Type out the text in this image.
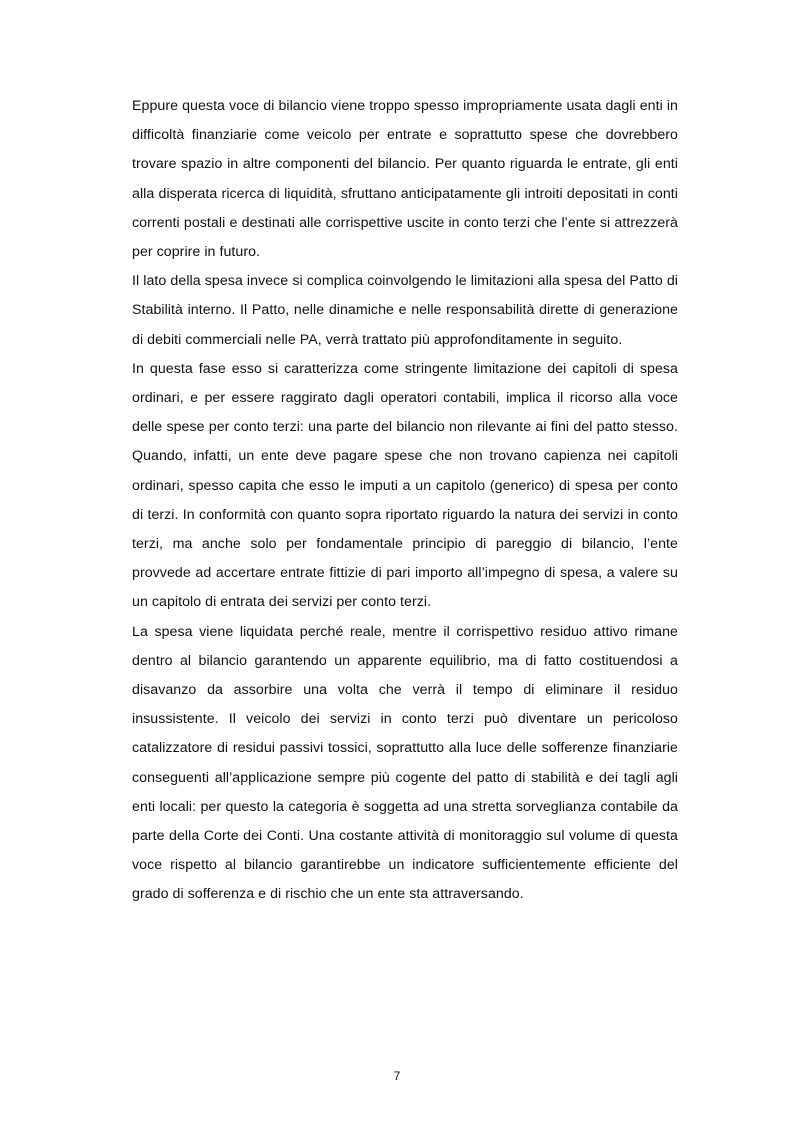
Eppure questa voce di bilancio viene troppo spesso impropriamente usata dagli enti in difficoltà finanziarie come veicolo per entrate e soprattutto spese che dovrebbero trovare spazio in altre componenti del bilancio. Per quanto riguarda le entrate, gli enti alla disperata ricerca di liquidità, sfruttano anticipatamente gli introiti depositati in conti correnti postali e destinati alle corrispettive uscite in conto terzi che l’ente si attrezzerà per coprire in futuro.

Il lato della spesa invece si complica coinvolgendo le limitazioni alla spesa del Patto di Stabilità interno. Il Patto, nelle dinamiche e nelle responsabilità dirette di generazione di debiti commerciali nelle PA, verrà trattato più approfonditamente in seguito.

In questa fase esso si caratterizza come stringente limitazione dei capitoli di spesa ordinari, e per essere raggirato dagli operatori contabili, implica il ricorso alla voce delle spese per conto terzi: una parte del bilancio non rilevante ai fini del patto stesso. Quando, infatti, un ente deve pagare spese che non trovano capienza nei capitoli ordinari, spesso capita che esso le imputi a un capitolo (generico) di spesa per conto di terzi. In conformità con quanto sopra riportato riguardo la natura dei servizi in conto terzi, ma anche solo per fondamentale principio di pareggio di bilancio, l’ente provvede ad accertare entrate fittizie di pari importo all’impegno di spesa, a valere su un capitolo di entrata dei servizi per conto terzi.

La spesa viene liquidata perché reale, mentre il corrispettivo residuo attivo rimane dentro al bilancio garantendo un apparente equilibrio, ma di fatto costituendosi a disavanzo da assorbire una volta che verrà il tempo di eliminare il residuo insussistente. Il veicolo dei servizi in conto terzi può diventare un pericoloso catalizzatore di residui passivi tossici, soprattutto alla luce delle sofferenze finanziarie conseguenti all’applicazione sempre più cogente del patto di stabilità e dei tagli agli enti locali: per questo la categoria è soggetta ad una stretta sorveglianza contabile da parte della Corte dei Conti. Una costante attività di monitoraggio sul volume di questa voce rispetto al bilancio garantirebbe un indicatore sufficientemente efficiente del grado di sofferenza e di rischio che un ente sta attraversando.

7
